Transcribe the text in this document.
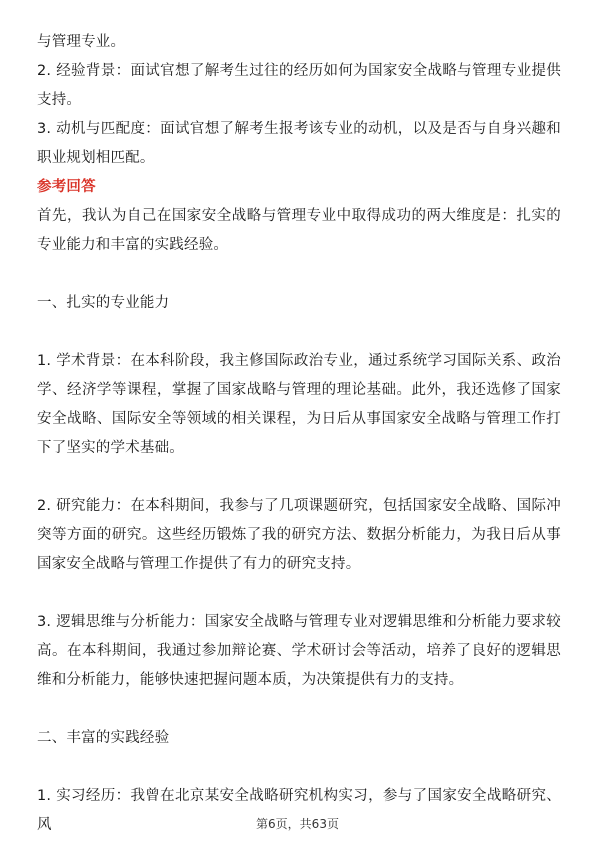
与管理专业。

2. 经验背景：面试官想了解考生过往的经历如何为国家安全战略与管理专业提供支持。

3. 动机与匹配度：面试官想了解考生报考该专业的动机，以及是否与自身兴趣和职业规划相匹配。

参考回答

首先，我认为自己在国家安全战略与管理专业中取得成功的两大维度是：扎实的专业能力和丰富的实践经验。

一、扎实的专业能力

1. 学术背景：在本科阶段，我主修国际政治专业，通过系统学习国际关系、政治学、经济学等课程，掌握了国家战略与管理的理论基础。此外，我还选修了国家安全战略、国际安全等领域的相关课程，为日后从事国家安全战略与管理工作打下了坚实的学术基础。

2. 研究能力：在本科期间，我参与了几项课题研究，包括国家安全战略、国际冲突等方面的研究。这些经历锻炼了我的研究方法、数据分析能力，为我日后从事国家安全战略与管理工作提供了有力的研究支持。

3. 逻辑思维与分析能力：国家安全战略与管理专业对逻辑思维和分析能力要求较高。在本科期间，我通过参加辩论赛、学术研讨会等活动，培养了良好的逻辑思维和分析能力，能够快速把握问题本质，为决策提供有力的支持。

二、丰富的实践经验

1. 实习经历：我曾在北京某安全战略研究机构实习，参与了国家安全战略研究、风	第6页，共63页
